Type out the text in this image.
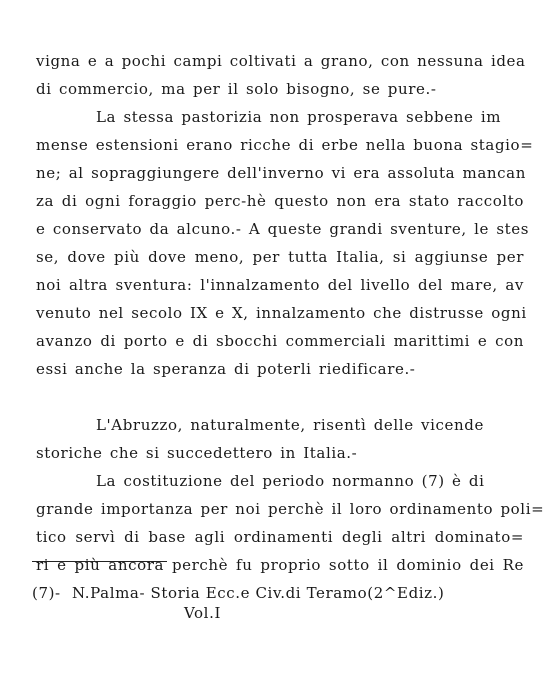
vigna e a pochi campi coltivati a grano, con nessuna idea
di commercio, ma per il solo bisogno, se pure.-
La stessa pastorizia non prosperava sebbene im
mense estensioni erano ricche di erbe nella buona stagio=
ne; al sopraggiungere dell'inverno vi era assoluta mancan
za di ogni foraggio perc-hè questo non era stato raccolto
e conservato da alcuno.- A queste grandi sventure, le stes
se, dove più dove meno, per tutta Italia, si aggiunse per
noi altra sventura: l'innalzamento del livello del mare, av
venuto nel secolo IX e X, innalzamento che distrusse ogni
avanzo di porto e di sbocchi commerciali marittimi e con
essi anche la speranza di poterli riedificare.-
L'Abruzzo, naturalmente, risentì delle vicende
storiche che si succedettero in Italia.-
La costituzione del periodo normanno (7) è di
grande importanza per noi perchè il loro ordinamento poli=
tico servì di base agli ordinamenti degli altri dominato=
ri e più ancora perchè fu proprio sotto il dominio dei Re
(7)- N.Palma- Storia Ecc.e Civ.di Teramo(2^Ediz.)
Vol.I
